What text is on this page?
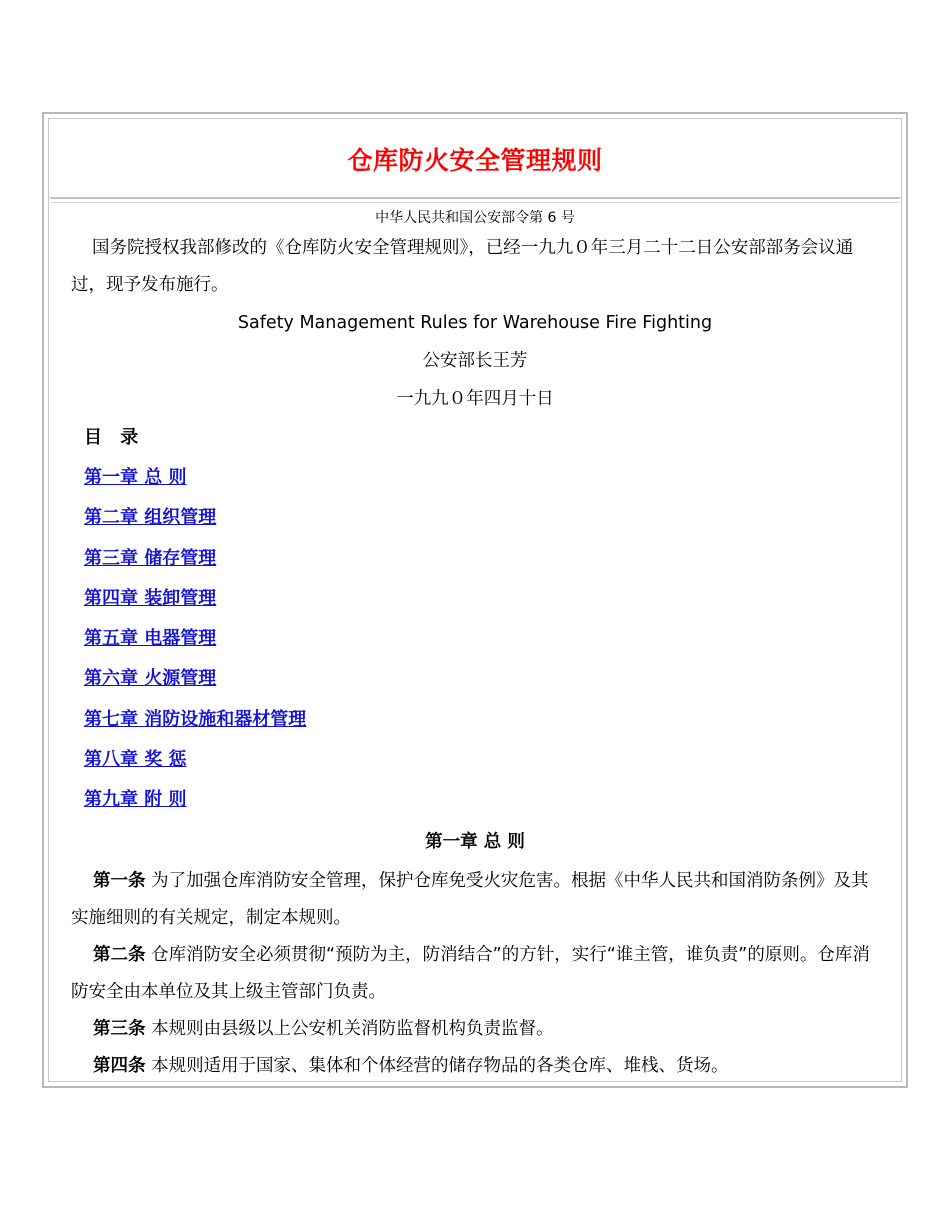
仓库防火安全管理规则
中华人民共和国公安部令第 6 号

国务院授权我部修改的《仓库防火安全管理规则》，已经一九九０年三月二十二日公安部部务会议通过，现予发布施行。

Safety Management Rules for Warehouse Fire Fighting

公安部长王芳

一九九０年四月十日

目 录
第一章 总 则
第二章 组织管理
第三章 储存管理
第四章 装卸管理
第五章 电器管理
第六章 火源管理
第七章 消防设施和器材管理
第八章 奖 惩
第九章 附 则

第一章 总 则

第一条 为了加强仓库消防安全管理，保护仓库免受火灾危害。根据《中华人民共和国消防条例》及其实施细则的有关规定，制定本规则。

第二条 仓库消防安全必须贯彻“预防为主，防消结合”的方针，实行“谁主管，谁负责”的原则。仓库消防安全由本单位及其上级主管部门负责。

第三条 本规则由县级以上公安机关消防监督机构负责监督。

第四条 本规则适用于国家、集体和个体经营的储存物品的各类仓库、堆栈、货场。
